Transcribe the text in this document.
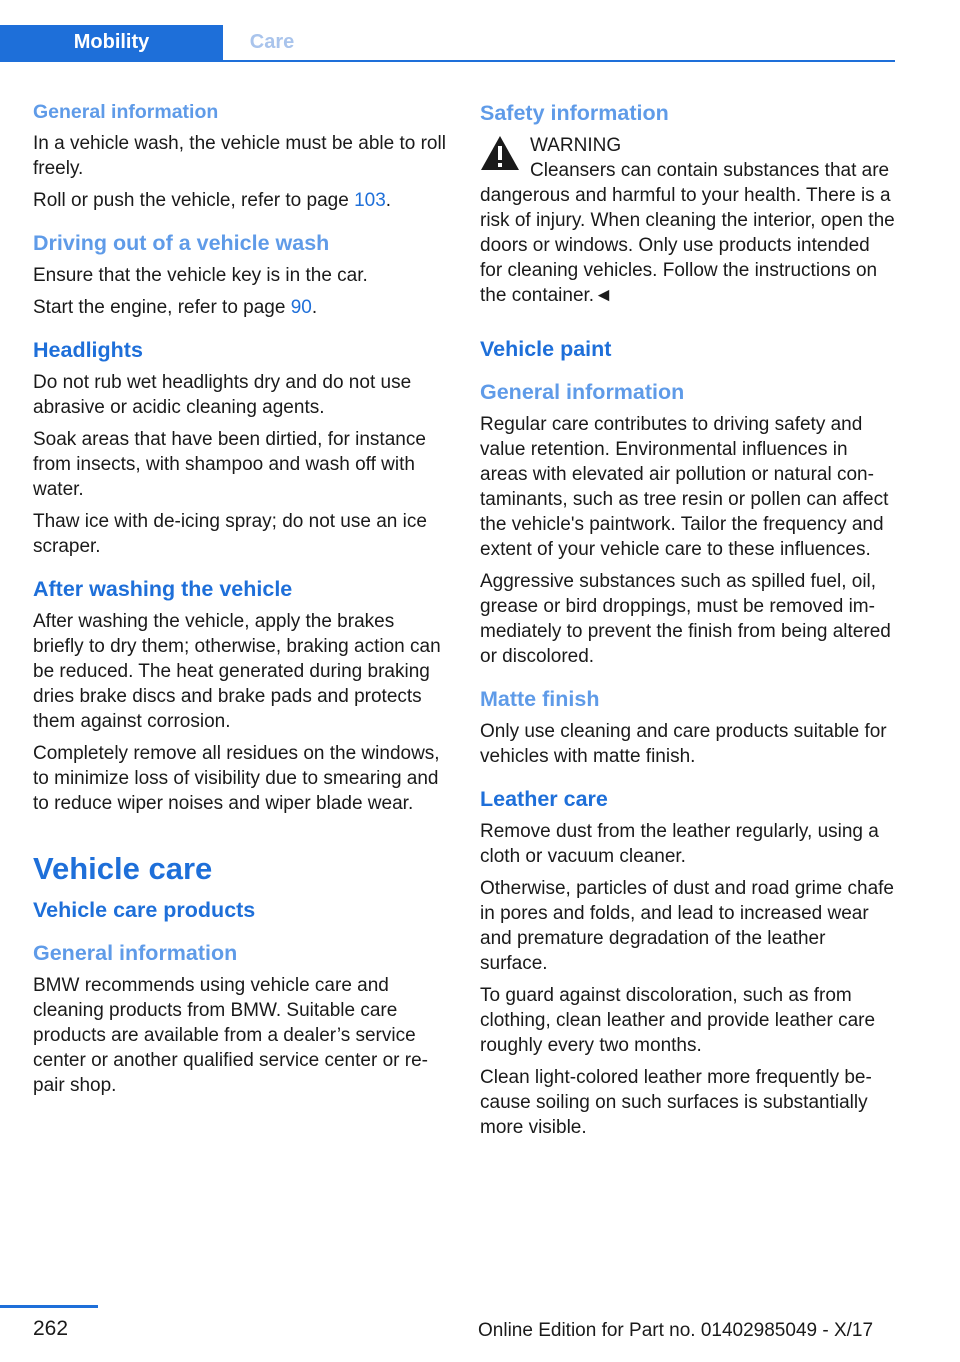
Mobility	Care
General information

In a vehicle wash, the vehicle must be able to roll freely.

Roll or push the vehicle, refer to page 103.

Driving out of a vehicle wash

Ensure that the vehicle key is in the car.

Start the engine, refer to page 90.

Headlights

Do not rub wet headlights dry and do not use abrasive or acidic cleaning agents.

Soak areas that have been dirtied, for instance from insects, with shampoo and wash off with water.

Thaw ice with de-icing spray; do not use an ice scraper.

After washing the vehicle

After washing the vehicle, apply the brakes briefly to dry them; otherwise, braking action can be reduced. The heat generated during braking dries brake discs and brake pads and protects them against corrosion.

Completely remove all residues on the windows, to minimize loss of visibility due to smearing and to reduce wiper noises and wiper blade wear.

Vehicle care
Vehicle care products
General information

BMW recommends using vehicle care and cleaning products from BMW. Suitable care products are available from a dealer’s service center or another qualified service center or repair shop.

Safety information

WARNING

Cleansers can contain substances that are dangerous and harmful to your health. There is a risk of injury. When cleaning the interior, open the doors or windows. Only use products intended for cleaning vehicles. Follow the instructions on the container.◄

Vehicle paint
General information

Regular care contributes to driving safety and value retention. Environmental influences in areas with elevated air pollution or natural contaminants, such as tree resin or pollen can affect the vehicle's paintwork. Tailor the frequency and extent of your vehicle care to these influences.

Aggressive substances such as spilled fuel, oil, grease or bird droppings, must be removed immediately to prevent the finish from being altered or discolored.

Matte finish

Only use cleaning and care products suitable for vehicles with matte finish.

Leather care

Remove dust from the leather regularly, using a cloth or vacuum cleaner.

Otherwise, particles of dust and road grime chafe in pores and folds, and lead to increased wear and premature degradation of the leather surface.

To guard against discoloration, such as from clothing, clean leather and provide leather care roughly every two months.

Clean light-colored leather more frequently because soiling on such surfaces is substantially more visible.

262	Online Edition for Part no. 01402985049 - X/17
